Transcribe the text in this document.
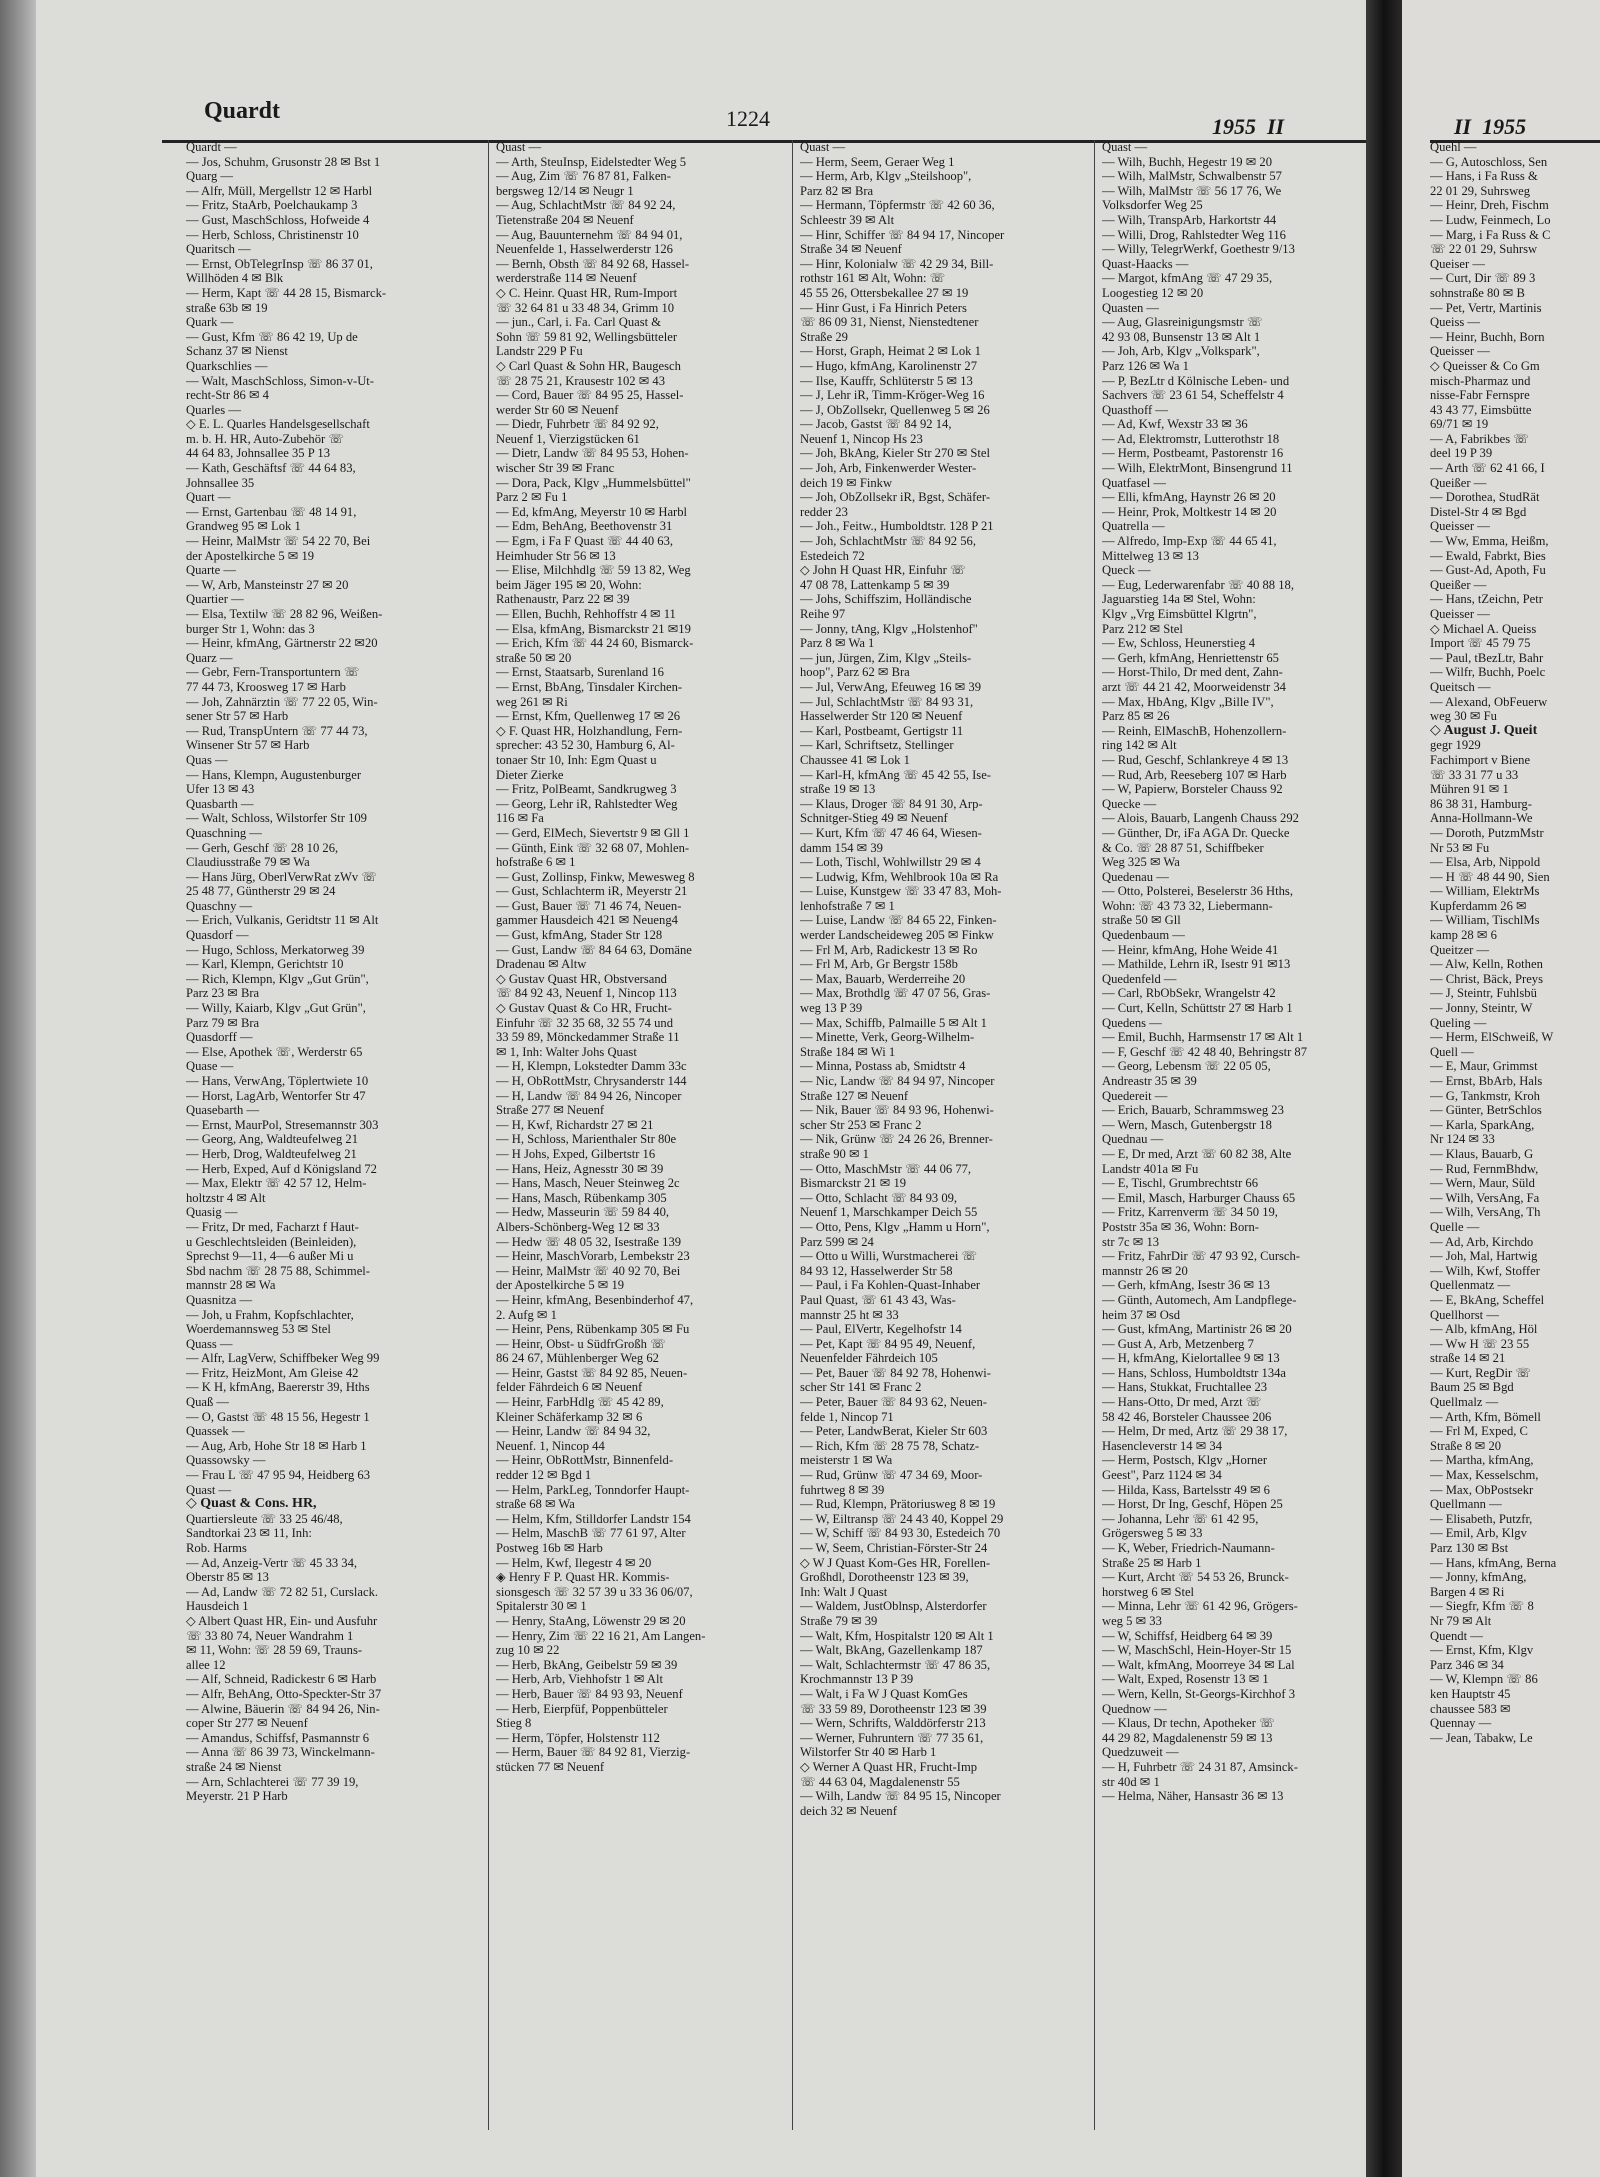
Quardt	1224	1955  II
Quardt —
— Jos, Schuhm, Grusonstr 28 ✉ Bst 1
Quarg —
— Alfr, Müll, Mergellstr 12 ✉ Harbl
— Fritz, StaArb, Poelchaukamp 3
— Gust, MaschSchloss, Hofweide 4
— Herb, Schloss, Christinenstr 10
Quaritsch —
— Ernst, ObTelegrInsp ☏ 86 37 01,
Willhöden 4 ✉ Blk
— Herm, Kapt ☏ 44 28 15, Bismarck-
straße 63b ✉ 19
Quark —
— Gust, Kfm ☏ 86 42 19, Up de
Schanz 37 ✉ Nienst
Quarkschlies —
— Walt, MaschSchloss, Simon-v-Ut-
recht-Str 86 ✉ 4
Quarles —
◇ E. L. Quarles Handelsgesellschaft
m. b. H. HR, Auto-Zubehör ☏
44 64 83, Johnsallee 35 P 13
— Kath, Geschäftsf ☏ 44 64 83,
Johnsallee 35
Quart —
— Ernst, Gartenbau ☏ 48 14 91,
Grandweg 95 ✉ Lok 1
— Heinr, MalMstr ☏ 54 22 70, Bei
der Apostelkirche 5 ✉ 19
Quarte —
— W, Arb, Mansteinstr 27 ✉ 20
Quartier —
— Elsa, Textilw ☏ 28 82 96, Weißen-
burger Str 1, Wohn: das 3
— Heinr, kfmAng, Gärtnerstr 22 ✉20
Quarz —
— Gebr, Fern-Transportuntern ☏
77 44 73, Kroosweg 17 ✉ Harb
— Joh, Zahnärztin ☏ 77 22 05, Win-
sener Str 57 ✉ Harb
— Rud, TranspUntern ☏ 77 44 73,
Winsener Str 57 ✉ Harb
Quas —
— Hans, Klempn, Augustenburger
Ufer 13 ✉ 43
Quasbarth —
— Walt, Schloss, Wilstorfer Str 109
Quaschning —
— Gerh, Geschf ☏ 28 10 26,
Claudiusstraße 79 ✉ Wa
— Hans Jürg, OberlVerwRat zWv ☏
25 48 77, Güntherstr 29 ✉ 24
Quaschny —
— Erich, Vulkanis, Geridtstr 11 ✉ Alt
Quasdorf —
— Hugo, Schloss, Merkatorweg 39
— Karl, Klempn, Gerichtstr 10
— Rich, Klempn, Klgv „Gut Grün",
Parz 23 ✉ Bra
— Willy, Kaiarb, Klgv „Gut Grün",
Parz 79 ✉ Bra
Quasdorff —
— Else, Apothek ☏, Werderstr 65
Quase —
— Hans, VerwAng, Töplertwiete 10
— Horst, LagArb, Wentorfer Str 47
Quasebarth —
— Ernst, MaurPol, Stresemannstr 303
— Georg, Ang, Waldteufelweg 21
— Herb, Drog, Waldteufelweg 21
— Herb, Exped, Auf d Königsland 72
— Max, Elektr ☏ 42 57 12, Helm-
holtzstr 4 ✉ Alt
Quasig —
— Fritz, Dr med, Facharzt f Haut-
u Geschlechtsleiden (Beinleiden),
Sprechst 9—11, 4—6 außer Mi u
Sbd nachm ☏ 28 75 88, Schimmel-
mannstr 28 ✉ Wa
Quasnitza —
— Joh, u Frahm, Kopfschlachter,
Woerdemannsweg 53 ✉ Stel
Quass —
— Alfr, LagVerw, Schiffbeker Weg 99
— Fritz, HeizMont, Am Gleise 42
— K H, kfmAng, Baererstr 39, Hths
Quaß —
— O, Gastst ☏ 48 15 56, Hegestr 1
Quassek —
— Aug, Arb, Hohe Str 18 ✉ Harb 1
Quassowsky —
— Frau L ☏ 47 95 94, Heidberg 63
Quast —
◇ Quast & Cons. HR,
Quartiersleute ☏ 33 25 46/48,
Sandtorkai 23 ✉ 11, Inh:
Rob. Harms
— Ad, Anzeig-Vertr ☏ 45 33 34,
Oberstr 85 ✉ 13
— Ad, Landw ☏ 72 82 51, Curslack.
Hausdeich 1
◇ Albert Quast HR, Ein- und Ausfuhr
☏ 33 80 74, Neuer Wandrahm 1
✉ 11, Wohn: ☏ 28 59 69, Trauns-
allee 12
— Alf, Schneid, Radickestr 6 ✉ Harb
— Alfr, BehAng, Otto-Speckter-Str 37
— Alwine, Bäuerin ☏ 84 94 26, Nin-
coper Str 277 ✉ Neuenf
— Amandus, Schiffsf, Pasmannstr 6
— Anna ☏ 86 39 73, Winckelmann-
straße 24 ✉ Nienst
— Arn, Schlachterei ☏ 77 39 19,
Meyerstr. 21 P Harb
Quast —
— Arth, SteuInsp, Eidelstedter Weg 5
— Aug, Zim ☏ 76 87 81, Falken-
bergsweg 12/14 ✉ Neugr 1
— Aug, SchlachtMstr ☏ 84 92 24,
Tietenstraße 204 ✉ Neuenf
— Aug, Bauunternehm ☏ 84 94 01,
Neuenfelde 1, Hasselwerderstr 126
— Bernh, Obsth ☏ 84 92 68, Hassel-
werderstraße 114 ✉ Neuenf
◇ C. Heinr. Quast HR, Rum-Import
☏ 32 64 81 u 33 48 34, Grimm 10
— jun., Carl, i. Fa. Carl Quast &
Sohn ☏ 59 81 92, Wellingsbütteler
Landstr 229 P Fu
◇ Carl Quast & Sohn HR, Baugesch
☏ 28 75 21, Krausestr 102 ✉ 43
— Cord, Bauer ☏ 84 95 25, Hassel-
werder Str 60 ✉ Neuenf
— Diedr, Fuhrbetr ☏ 84 92 92,
Neuenf 1, Vierzigstücken 61
— Dietr, Landw ☏ 84 95 53, Hohen-
wischer Str 39 ✉ Franc
— Dora, Pack, Klgv „Hummelsbüttel"
Parz 2 ✉ Fu 1
— Ed, kfmAng, Meyerstr 10 ✉ Harbl
— Edm, BehAng, Beethovenstr 31
— Egm, i Fa F Quast ☏ 44 40 63,
Heimhuder Str 56 ✉ 13
— Elise, Milchhdlg ☏ 59 13 82, Weg
beim Jäger 195 ✉ 20, Wohn:
Rathenaustr, Parz 22 ✉ 39
— Ellen, Buchh, Rehhoffstr 4 ✉ 11
— Elsa, kfmAng, Bismarckstr 21 ✉19
— Erich, Kfm ☏ 44 24 60, Bismarck-
straße 50 ✉ 20
— Ernst, Staatsarb, Surenland 16
— Ernst, BbAng, Tinsdaler Kirchen-
weg 261 ✉ Ri
— Ernst, Kfm, Quellenweg 17 ✉ 26
◇ F. Quast HR, Holzhandlung, Fern-
sprecher: 43 52 30, Hamburg 6, Al-
tonaer Str 10, Inh: Egm Quast u
Dieter Zierke
— Fritz, PolBeamt, Sandkrugweg 3
— Georg, Lehr iR, Rahlstedter Weg
116 ✉ Fa
— Gerd, ElMech, Sievertstr 9 ✉ Gll 1
— Günth, Eink ☏ 32 68 07, Mohlen-
hofstraße 6 ✉ 1
— Gust, Zollinsp, Finkw, Mewesweg 8
— Gust, Schlachterm iR, Meyerstr 21
— Gust, Bauer ☏ 71 46 74, Neuen-
gammer Hausdeich 421 ✉ Neueng4
— Gust, kfmAng, Stader Str 128
— Gust, Landw ☏ 84 64 63, Domäne
Dradenau ✉ Altw
◇ Gustav Quast HR, Obstversand
☏ 84 92 43, Neuenf 1, Nincop 113
◇ Gustav Quast & Co HR, Frucht-
Einfuhr ☏ 32 35 68, 32 55 74 und
33 59 89, Mönckedammer Straße 11
✉ 1, Inh: Walter Johs Quast
— H, Klempn, Lokstedter Damm 33c
— H, ObRottMstr, Chrysanderstr 144
— H, Landw ☏ 84 94 26, Nincoper
Straße 277 ✉ Neuenf
— H, Kwf, Richardstr 27 ✉ 21
— H, Schloss, Marienthaler Str 80e
— H Johs, Exped, Gilbertstr 16
— Hans, Heiz, Agnesstr 30 ✉ 39
— Hans, Masch, Neuer Steinweg 2c
— Hans, Masch, Rübenkamp 305
— Hedw, Masseurin ☏ 59 84 40,
Albers-Schönberg-Weg 12 ✉ 33
— Hedw ☏ 48 05 32, Isestraße 139
— Heinr, MaschVorarb, Lembekstr 23
— Heinr, MalMstr ☏ 40 92 70, Bei
der Apostelkirche 5 ✉ 19
— Heinr, kfmAng, Besenbinderhof 47,
2. Aufg ✉ 1
— Heinr, Pens, Rübenkamp 305 ✉ Fu
— Heinr, Obst- u SüdfrGroßh ☏
86 24 67, Mühlenberger Weg 62
— Heinr, Gastst ☏ 84 92 85, Neuen-
felder Fährdeich 6 ✉ Neuenf
— Heinr, FarbHdlg ☏ 45 42 89,
Kleiner Schäferkamp 32 ✉ 6
— Heinr, Landw ☏ 84 94 32,
Neuenf. 1, Nincop 44
— Heinr, ObRottMstr, Binnenfeld-
redder 12 ✉ Bgd 1
— Helm, ParkLeg, Tonndorfer Haupt-
straße 68 ✉ Wa
— Helm, Kfm, Stilldorfer Landstr 154
— Helm, MaschB ☏ 77 61 97, Alter
Postweg 16b ✉ Harb
— Helm, Kwf, Ilegestr 4 ✉ 20
◈ Henry F P. Quast HR. Kommis-
sionsgesch ☏ 32 57 39 u 33 36 06/07,
Spitalerstr 30 ✉ 1
— Henry, StaAng, Löwenstr 29 ✉ 20
— Henry, Zim ☏ 22 16 21, Am Langen-
zug 10 ✉ 22
— Herb, BkAng, Geibelstr 59 ✉ 39
— Herb, Arb, Viehhofstr 1 ✉ Alt
— Herb, Bauer ☏ 84 93 93, Neuenf
— Herb, Eierpfüf, Poppenbütteler
Stieg 8
— Herm, Töpfer, Holstenstr 112
— Herm, Bauer ☏ 84 92 81, Vierzig-
stücken 77 ✉ Neuenf
Quast —
— Herm, Seem, Geraer Weg 1
— Herm, Arb, Klgv „Steilshoop",
Parz 82 ✉ Bra
— Hermann, Töpfermstr ☏ 42 60 36,
Schleestr 39 ✉ Alt
— Hinr, Schiffer ☏ 84 94 17, Nincoper
Straße 34 ✉ Neuenf
— Hinr, Kolonialw ☏ 42 29 34, Bill-
rothstr 161 ✉ Alt, Wohn: ☏
45 55 26, Ottersbekallee 27 ✉ 19
— Hinr Gust, i Fa Hinrich Peters
☏ 86 09 31, Nienst, Nienstedtener
Straße 29
— Horst, Graph, Heimat 2 ✉ Lok 1
— Hugo, kfmAng, Karolinenstr 27
— Ilse, Kauffr, Schlüterstr 5 ✉ 13
— J, Lehr iR, Timm-Kröger-Weg 16
— J, ObZollsekr, Quellenweg 5 ✉ 26
— Jacob, Gastst ☏ 84 92 14,
Neuenf 1, Nincop Hs 23
— Joh, BkAng, Kieler Str 270 ✉ Stel
— Joh, Arb, Finkenwerder Wester-
deich 19 ✉ Finkw
— Joh, ObZollsekr iR, Bgst, Schäfer-
redder 23
— Joh., Feitw., Humboldtstr. 128 P 21
— Joh, SchlachtMstr ☏ 84 92 56,
Estedeich 72
◇ John H Quast HR, Einfuhr ☏
47 08 78, Lattenkamp 5 ✉ 39
— Johs, Schiffszim, Holländische
Reihe 97
— Jonny, tAng, Klgv „Holstenhof"
Parz 8 ✉ Wa 1
— jun, Jürgen, Zim, Klgv „Steils-
hoop", Parz 62 ✉ Bra
— Jul, VerwAng, Efeuweg 16 ✉ 39
— Jul, SchlachtMstr ☏ 84 93 31,
Hasselwerder Str 120 ✉ Neuenf
— Karl, Postbeamt, Gertigstr 11
— Karl, Schriftsetz, Stellinger
Chaussee 41 ✉ Lok 1
— Karl-H, kfmAng ☏ 45 42 55, Ise-
straße 19 ✉ 13
— Klaus, Droger ☏ 84 91 30, Arp-
Schnitger-Stieg 49 ✉ Neuenf
— Kurt, Kfm ☏ 47 46 64, Wiesen-
damm 154 ✉ 39
— Loth, Tischl, Wohlwillstr 29 ✉ 4
— Ludwig, Kfm, Wehlbrook 10a ✉ Ra
— Luise, Kunstgew ☏ 33 47 83, Moh-
lenhofstraße 7 ✉ 1
— Luise, Landw ☏ 84 65 22, Finken-
werder Landscheideweg 205 ✉ Finkw
— Frl M, Arb, Radickestr 13 ✉ Ro
— Frl M, Arb, Gr Bergstr 158b
— Max, Bauarb, Werderreihe 20
— Max, Brothdlg ☏ 47 07 56, Gras-
weg 13 P 39
— Max, Schiffb, Palmaille 5 ✉ Alt 1
— Minette, Verk, Georg-Wilhelm-
Straße 184 ✉ Wi 1
— Minna, Postass ab, Smidtstr 4
— Nic, Landw ☏ 84 94 97, Nincoper
Straße 127 ✉ Neuenf
— Nik, Bauer ☏ 84 93 96, Hohenwi-
scher Str 253 ✉ Franc 2
— Nik, Grünw ☏ 24 26 26, Brenner-
straße 90 ✉ 1
— Otto, MaschMstr ☏ 44 06 77,
Bismarckstr 21 ✉ 19
— Otto, Schlacht ☏ 84 93 09,
Neuenf 1, Marschkamper Deich 55
— Otto, Pens, Klgv „Hamm u Horn",
Parz 599 ✉ 24
— Otto u Willi, Wurstmacherei ☏
84 93 12, Hasselwerder Str 58
— Paul, i Fa Kohlen-Quast-Inhaber
Paul Quast, ☏ 61 43 43, Was-
mannstr 25 ht ✉ 33
— Paul, ElVertr, Kegelhofstr 14
— Pet, Kapt ☏ 84 95 49, Neuenf,
Neuenfelder Fährdeich 105
— Pet, Bauer ☏ 84 92 78, Hohenwi-
scher Str 141 ✉ Franc 2
— Peter, Bauer ☏ 84 93 62, Neuen-
felde 1, Nincop 71
— Peter, LandwBerat, Kieler Str 603
— Rich, Kfm ☏ 28 75 78, Schatz-
meisterstr 1 ✉ Wa
— Rud, Grünw ☏ 47 34 69, Moor-
fuhrtweg 8 ✉ 39
— Rud, Klempn, Prätoriusweg 8 ✉ 19
— W, Eiltransp ☏ 24 43 40, Koppel 29
— W, Schiff ☏ 84 93 30, Estedeich 70
— W, Seem, Christian-Förster-Str 24
◇ W J Quast Kom-Ges HR, Forellen-
Großhdl, Dorotheenstr 123 ✉ 39,
Inh: Walt J Quast
— Waldem, JustOblnsp, Alsterdorfer
Straße 79 ✉ 39
— Walt, Kfm, Hospitalstr 120 ✉ Alt 1
— Walt, BkAng, Gazellenkamp 187
— Walt, Schlachtermstr ☏ 47 86 35,
Krochmannstr 13 P 39
— Walt, i Fa W J Quast KomGes
☏ 33 59 89, Dorotheenstr 123 ✉ 39
— Wern, Schrifts, Walddörferstr 213
— Werner, Fuhruntern ☏ 77 35 61,
Wilstorfer Str 40 ✉ Harb 1
◇ Werner A Quast HR, Frucht-Imp
☏ 44 63 04, Magdalenenstr 55
— Wilh, Landw ☏ 84 95 15, Nincoper
deich 32 ✉ Neuenf
Quast —
— Wilh, Buchh, Hegestr 19 ✉ 20
— Wilh, MalMstr, Schwalbenstr 57
— Wilh, MalMstr ☏ 56 17 76, We
Volksdorfer Weg 25
— Wilh, TranspArb, Harkortstr 44
— Willi, Drog, Rahlstedter Weg 116
— Willy, TelegrWerkf, Goethestr 9/13
Quast-Haacks —
— Margot, kfmAng ☏ 47 29 35,
Loogestieg 12 ✉ 20
Quasten —
— Aug, Glasreinigungsmstr ☏
42 93 08, Bunsenstr 13 ✉ Alt 1
— Joh, Arb, Klgv „Volkspark",
Parz 126 ✉ Wa 1
— P, BezLtr d Kölnische Leben- und
Sachvers ☏ 23 61 54, Scheffelstr 4
Quasthoff —
— Ad, Kwf, Wexstr 33 ✉ 36
— Ad, Elektromstr, Lutterothstr 18
— Herm, Postbeamt, Pastorenstr 16
— Wilh, ElektrMont, Binsengrund 11
Quatfasel —
— Elli, kfmAng, Haynstr 26 ✉ 20
— Heinr, Prok, Moltkestr 14 ✉ 20
Quatrella —
— Alfredo, Imp-Exp ☏ 44 65 41,
Mittelweg 13 ✉ 13
Queck —
— Eug, Lederwarenfabr ☏ 40 88 18,
Jaguarstieg 14a ✉ Stel, Wohn:
Klgv „Vrg Eimsbüttel Klgrtn",
Parz 212 ✉ Stel
— Ew, Schloss, Heunerstieg 4
— Gerh, kfmAng, Henriettenstr 65
— Horst-Thilo, Dr med dent, Zahn-
arzt ☏ 44 21 42, Moorweidenstr 34
— Max, HbAng, Klgv „Bille IV",
Parz 85 ✉ 26
— Reinh, ElMaschB, Hohenzollern-
ring 142 ✉ Alt
— Rud, Geschf, Schlankreye 4 ✉ 13
— Rud, Arb, Reeseberg 107 ✉ Harb
— W, Papierw, Borsteler Chauss 92
Quecke —
— Alois, Bauarb, Langenh Chauss 292
— Günther, Dr, iFa AGA Dr. Quecke
& Co. ☏ 28 87 51, Schiffbeker
Weg 325 ✉ Wa
Quedenau —
— Otto, Polsterei, Beselerstr 36 Hths,
Wohn: ☏ 43 73 32, Liebermann-
straße 50 ✉ Gll
Quedenbaum —
— Heinr, kfmAng, Hohe Weide 41
— Mathilde, Lehrn iR, Isestr 91 ✉13
Quedenfeld —
— Carl, RbObSekr, Wrangelstr 42
— Curt, Kelln, Schüttstr 27 ✉ Harb 1
Quedens —
— Emil, Buchh, Harmsenstr 17 ✉ Alt 1
— F, Geschf ☏ 42 48 40, Behringstr 87
— Georg, Lebensm ☏ 22 05 05,
Andreastr 35 ✉ 39
Quedereit —
— Erich, Bauarb, Schrammsweg 23
— Wern, Masch, Gutenbergstr 18
Quednau —
— E, Dr med, Arzt ☏ 60 82 38, Alte
Landstr 401a ✉ Fu
— E, Tischl, Grumbrechtstr 66
— Emil, Masch, Harburger Chauss 65
— Fritz, Karrenverm ☏ 34 50 19,
Poststr 35a ✉ 36, Wohn: Born-
str 7c ✉ 13
— Fritz, FahrDir ☏ 47 93 92, Cursch-
mannstr 26 ✉ 20
— Gerh, kfmAng, Isestr 36 ✉ 13
— Günth, Automech, Am Landpflege-
heim 37 ✉ Osd
— Gust, kfmAng, Martinistr 26 ✉ 20
— Gust A, Arb, Metzenberg 7
— H, kfmAng, Kielortallee 9 ✉ 13
— Hans, Schloss, Humboldtstr 134a
— Hans, Stukkat, Fruchtallee 23
— Hans-Otto, Dr med, Arzt ☏
58 42 46, Borsteler Chaussee 206
— Helm, Dr med, Artz ☏ 29 38 17,
Hasencleverstr 14 ✉ 34
— Herm, Postsch, Klgv „Horner
Geest", Parz 1124 ✉ 34
— Hilda, Kass, Bartelsstr 49 ✉ 6
— Horst, Dr Ing, Geschf, Höpen 25
— Johanna, Lehr ☏ 61 42 95,
Grögersweg 5 ✉ 33
— K, Weber, Friedrich-Naumann-
Straße 25 ✉ Harb 1
— Kurt, Archt ☏ 54 53 26, Brunck-
horstweg 6 ✉ Stel
— Minna, Lehr ☏ 61 42 96, Grögers-
weg 5 ✉ 33
— W, Schiffsf, Heidberg 64 ✉ 39
— W, MaschSchl, Hein-Hoyer-Str 15
— Walt, kfmAng, Moorreye 34 ✉ Lal
— Walt, Exped, Rosenstr 13 ✉ 1
— Wern, Kelln, St-Georgs-Kirchhof 3
Quednow —
— Klaus, Dr techn, Apotheker ☏
44 29 82, Magdalenenstr 59 ✉ 13
Quedzuweit —
— H, Fuhrbetr ☏ 24 31 87, Amsinck-
str 40d ✉ 1
— Helma, Näher, Hansastr 36 ✉ 13
II  1955
Quehl —
— G, Autoschloss, Sen
— Hans, i Fa Russ &
22 01 29, Suhrsweg
— Heinr, Dreh, Fischm
— Ludw, Feinmech, Lo
— Marg, i Fa Russ & C
☏ 22 01 29, Suhrsw
Queiser —
— Curt, Dir ☏ 89 3
sohnstraße 80 ✉ B
— Pet, Vertr, Martinis
Queiss —
— Heinr, Buchh, Born
Queisser —
◇ Queisser & Co Gm
misch-Pharmaz und
nisse-Fabr Fernspre
43 43 77, Eimsbütte
69/71 ✉ 19
— A, Fabrikbes ☏
deel 19 P 39
— Arth ☏ 62 41 66, I
Queißer —
— Dorothea, StudRät
Distel-Str 4 ✉ Bgd
Queisser —
— Ww, Emma, Heißm,
— Ewald, Fabrkt, Bies
— Gust-Ad, Apoth, Fu
Queißer —
— Hans, tZeichn, Petr
Queisser —
◇ Michael A. Queiss
Import ☏ 45 79 75
— Paul, tBezLtr, Bahr
— Wilfr, Buchh, Poelc
Queitsch —
— Alexand, ObFeuerw
weg 30 ✉ Fu
◇ August J. Queit
gegr 1929
Fachimport v Biene
☏ 33 31 77 u 33
Mühren 91 ✉ 1
86 38 31, Hamburg-
Anna-Hollmann-We
— Doroth, PutzmMstr
Nr 53 ✉ Fu
— Elsa, Arb, Nippold
— H ☏ 48 44 90, Sien
— William, ElektrMs
Kupferdamm 26 ✉
— William, TischlMs
kamp 28 ✉ 6
Queitzer —
— Alw, Kelln, Rothen
— Christ, Bäck, Preys
— J, Steintr, Fuhlsbü
— Jonny, Steintr, W
Queling —
— Herm, ElSchweiß, W
Quell —
— E, Maur, Grimmst
— Ernst, BbArb, Hals
— G, Tankmstr, Kroh
— Günter, BetrSchlos
— Karla, SparkAng,
Nr 124 ✉ 33
— Klaus, Bauarb, G
— Rud, FernmBhdw,
— Wern, Maur, Süld
— Wilh, VersAng, Fa
— Wilh, VersAng, Th
Quelle —
— Ad, Arb, Kirchdo
— Joh, Mal, Hartwig
— Wilh, Kwf, Stoffer
Quellenmatz —
— E, BkAng, Scheffel
Quellhorst —
— Alb, kfmAng, Höl
— Ww H ☏ 23 55
straße 14 ✉ 21
— Kurt, RegDir ☏
Baum 25 ✉ Bgd
Quellmalz —
— Arth, Kfm, Bömell
— Frl M, Exped, C
Straße 8 ✉ 20
— Martha, kfmAng,
— Max, Kesselschm,
— Max, ObPostsekr
Quellmann —
— Elisabeth, Putzfr,
— Emil, Arb, Klgv
Parz 130 ✉ Bst
— Hans, kfmAng, Berna
— Jonny, kfmAng,
Bargen 4 ✉ Ri
— Siegfr, Kfm ☏ 8
Nr 79 ✉ Alt
Quendt —
— Ernst, Kfm, Klgv
Parz 346 ✉ 34
— W, Klempn ☏ 86
ken Hauptstr 45
chaussee 583 ✉
Quennay —
— Jean, Tabakw, Le
